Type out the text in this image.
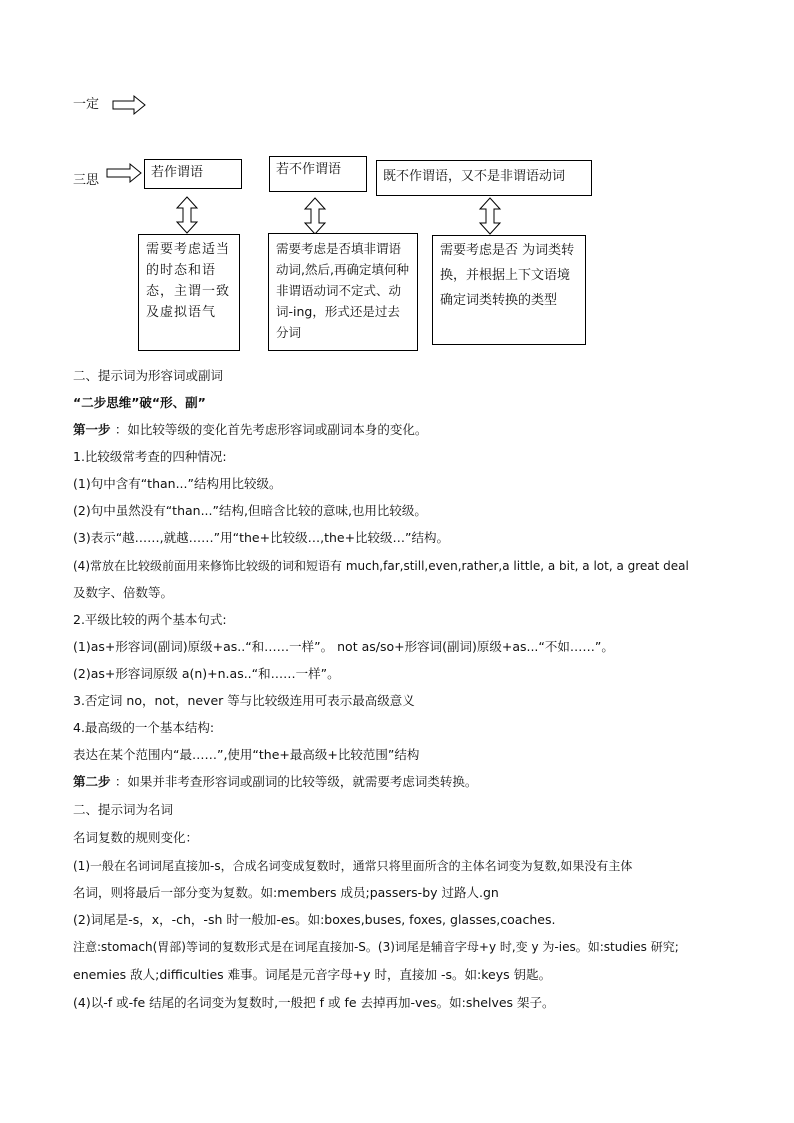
一定
三思
若作谓语	若不作谓语	既不作谓语，又不是非谓语动词
需要考虑适当的时态和语态，主谓一致及虚拟语气
需要考虑是否填非谓语动词,然后,再确定填何种非谓语动词不定式、动词-ing，形式还是过去分词
需要考虑是否 为词类转换，并根据上下文语境确定词类转换的类型
二、提示词为形容词或副词
“二步思维”破“形、副”
第一步 ：如比较等级的变化首先考虑形容词或副词本身的变化。
1.比较级常考查的四种情况:
(1)句中含有“than...”结构用比较级。
(2)句中虽然没有“than...”结构,但暗含比较的意味,也用比较级。
(3)表示“越……,就越……”用“the+比较级…,the+比较级…”结构。
(4)常放在比较级前面用来修饰比较级的词和短语有 much,far,still,even,rather,a little, a bit, a lot, a great deal
及数字、倍数等。
2.平级比较的两个基本句式:
(1)as+形容词(副词)原级+as..“和……一样”。 not as/so+形容词(副词)原级+as...“不如……”。
(2)as+形容词原级 a(n)+n.as..“和……一样”。
3.否定词 no，not，never 等与比较级连用可表示最高级意义
4.最高级的一个基本结构:
表达在某个范围内“最……”,使用“the+最高级+比较范围”结构
第二步 ：如果并非考查形容词或副词的比较等级，就需要考虑词类转换。
二、提示词为名词
名词复数的规则变化：
(1)一般在名词词尾直接加-s，合成名词变成复数时，通常只将里面所含的主体名词变为复数,如果没有主体
名词，则将最后一部分变为复数。如:members 成员;passers-by 过路人.gn
(2)词尾是-s，x，-ch，-sh 时一般加-es。如:boxes,buses, foxes, glasses,coaches.
注意:stomach(胃部)等词的复数形式是在词尾直接加-S。(3)词尾是辅音字母+y 时,变 y 为-ies。如:studies 研究;
enemies 敌人;difficulties 难事。词尾是元音字母+y 时，直接加 -s。如:keys 钥匙。
(4)以-f 或-fe 结尾的名词变为复数时,一般把 f 或 fe 去掉再加-ves。如:shelves 架子。
